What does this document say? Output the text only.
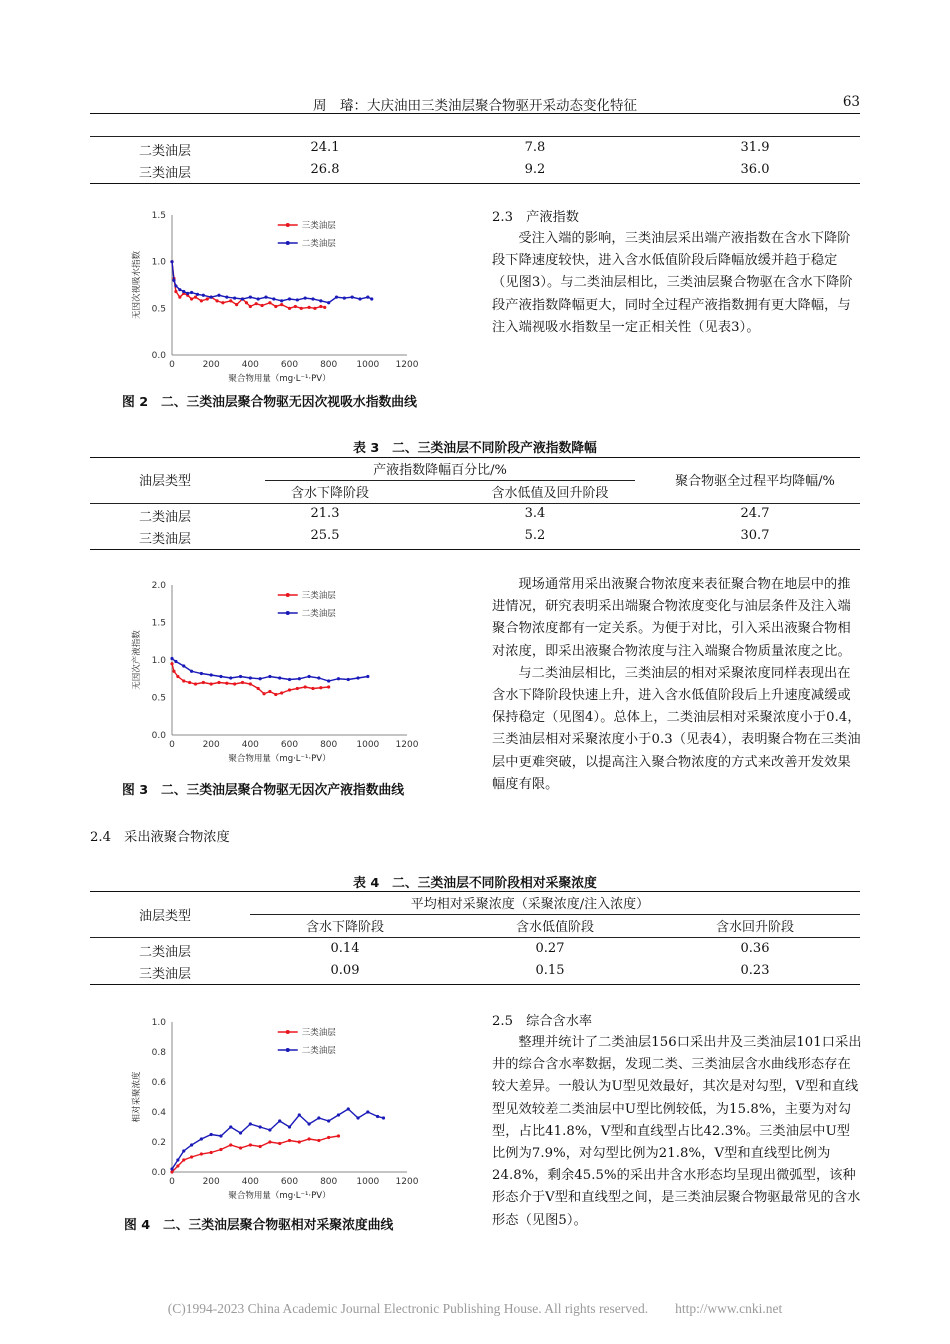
周　璿：大庆油田三类油层聚合物驱开采动态变化特征	63
二类油层	24.1	7.8	31.9
三类油层	26.8	9.2	36.0
0.0
0.5
1.0
1.5
0	200 400 600 800 1000 1200
聚合物用量（mg·L⁻¹·PV）
无因次视吸水指数
三类油层
二类油层
图 2　二、三类油层聚合物驱无因次视吸水指数曲线
2.3　产液指数

受注入端的影响，三类油层采出端产液指数在含水下降阶段下降速度较快，进入含水低值阶段后降幅放缓并趋于稳定（见图3）。与二类油层相比，三类油层聚合物驱在含水下降阶段产液指数降幅更大，同时全过程产液指数拥有更大降幅，与注入端视吸水指数呈一定正相关性（见表3）。

表 3　二、三类油层不同阶段产液指数降幅
油层类型
产液指数降幅百分比/%
含水下降阶段	含水低值及回升阶段
聚合物驱全过程平均降幅/%
二类油层	21.3	3.4	24.7
三类油层	25.5	5.2	30.7
0.0
0.5
1.0
1.5
2.0
0	200 400 600 800 1000 1200
聚合物用量（mg·L⁻¹·PV）
无因次产液指数
三类油层
二类油层
图 3　二、三类油层聚合物驱无因次产液指数曲线

现场通常用采出液聚合物浓度来表征聚合物在地层中的推进情况，研究表明采出端聚合物浓度变化与油层条件及注入端聚合物浓度都有一定关系。为便于对比，引入采出液聚合物相对浓度，即采出液聚合物浓度与注入端聚合物质量浓度之比。

与二类油层相比，三类油层的相对采聚浓度同样表现出在含水下降阶段快速上升，进入含水低值阶段后上升速度减缓或保持稳定（见图4）。总体上，二类油层相对采聚浓度小于0.4，三类油层相对采聚浓度小于0.3（见表4），表明聚合物在三类油层中更难突破，以提高注入聚合物浓度的方式来改善开发效果幅度有限。

2.4　采出液聚合物浓度
表 4　二、三类油层不同阶段相对采聚浓度
油层类型
平均相对采聚浓度（采聚浓度/注入浓度）
含水下降阶段	含水低值阶段	含水回升阶段
二类油层	0.14	0.27	0.36
三类油层	0.09	0.15	0.23
0.0
0.2
0.4
0.6
0.8
1.0
0	200 400 600 800 1000 1200
聚合物用量（mg·L⁻¹·PV）
相对采聚浓度
三类油层
二类油层
图 4　二、三类油层聚合物驱相对采聚浓度曲线
2.5　综合含水率

整理并统计了二类油层156口采出井及三类油层101口采出井的综合含水率数据，发现二类、三类油层含水曲线形态存在较大差异。一般认为U型见效最好，其次是对勾型，V型和直线型见效较差二类油层中U型比例较低，为15.8%，主要为对勾型，占比41.8%，V型和直线型占比42.3%。三类油层中U型比例为7.9%，对勾型比例为21.8%，V型和直线型比例为24.8%，剩余45.5%的采出井含水形态均呈现出微弧型，该种形态介于V型和直线型之间，是三类油层聚合物驱最常见的含水形态（见图5）。

(C)1994-2023 China Academic Journal Electronic Publishing House. All rights reserved.　　http://www.cnki.net
